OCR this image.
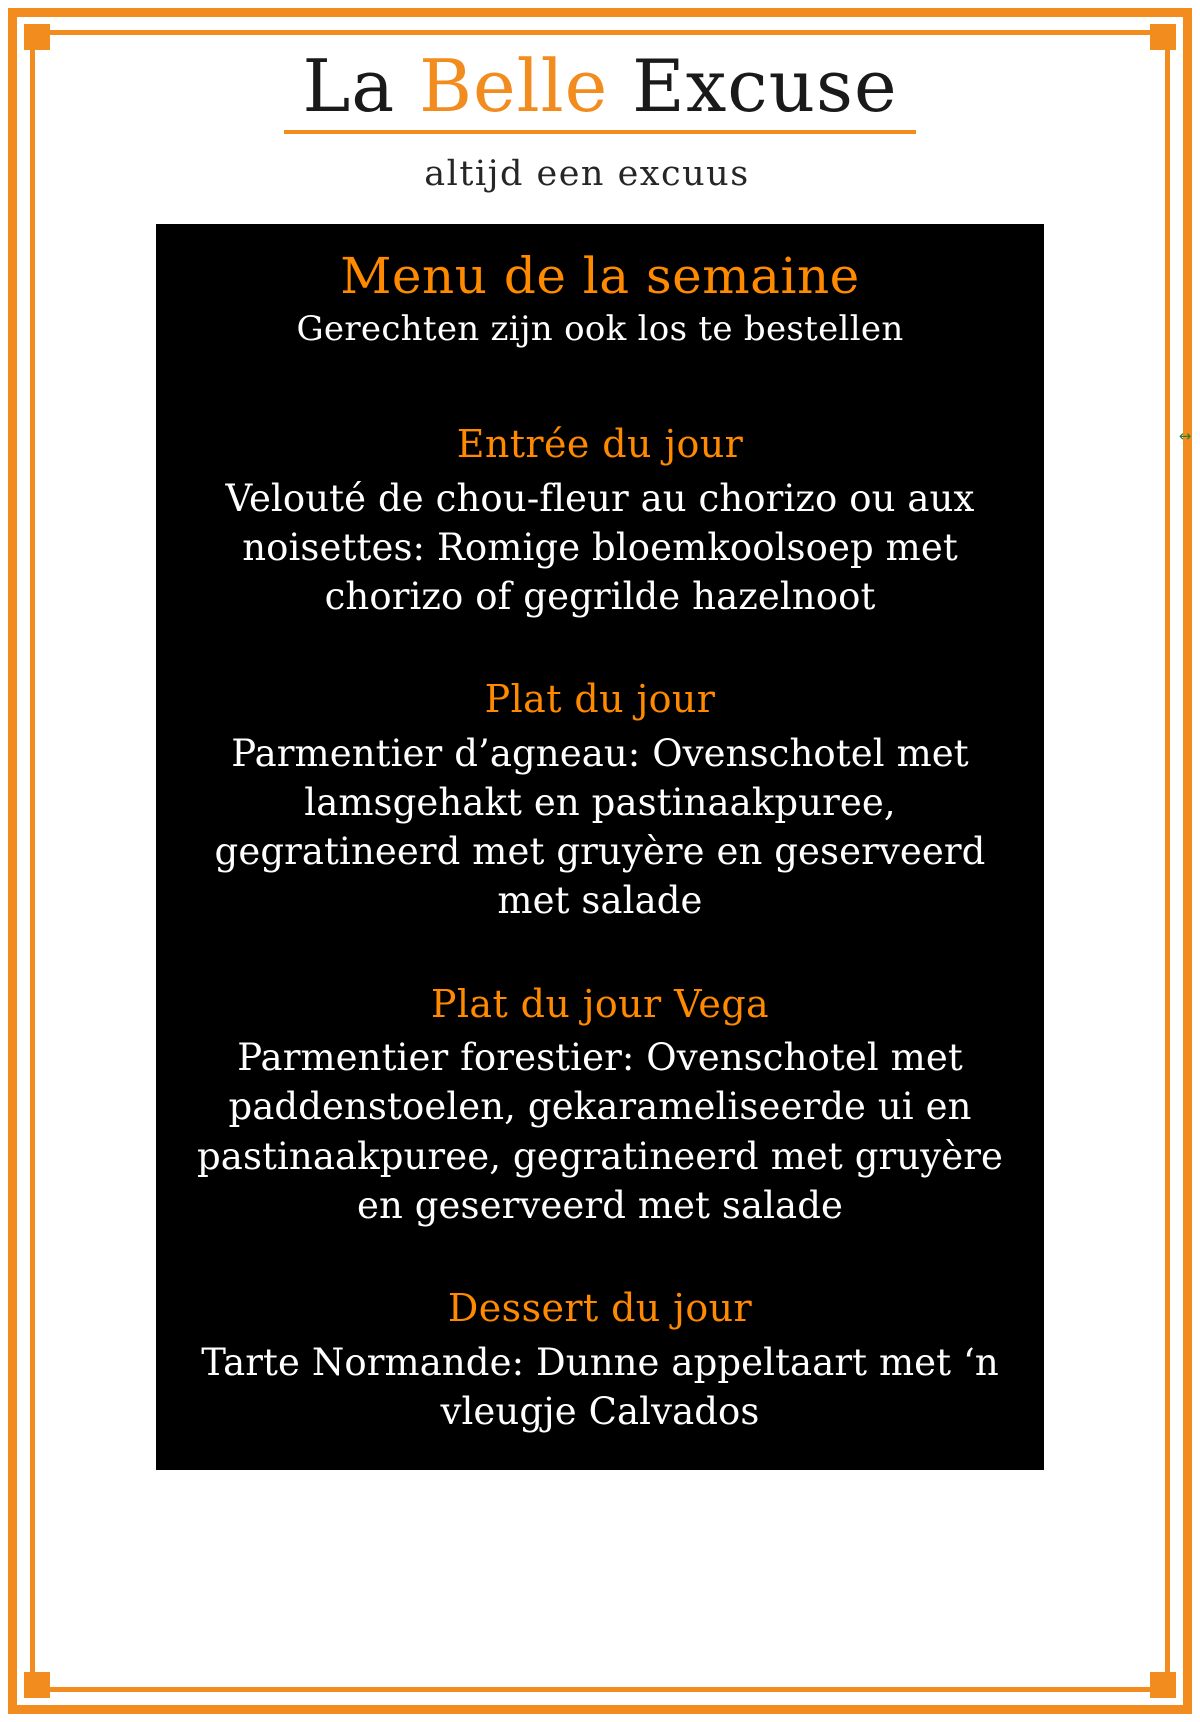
La Belle Excuse
altijd een excuus
Menu de la semaine
Gerechten zijn ook los te bestellen
Entrée du jour

Velouté de chou-fleur au chorizo ou aux noisettes: Romige bloemkoolsoep met chorizo of gegrilde hazelnoot

Plat du jour

Parmentier d’agneau: Ovenschotel met lamsgehakt en pastinaakpuree, gegratineerd met gruyère en geserveerd met salade

Plat du jour Vega

Parmentier forestier: Ovenschotel met paddenstoelen, gekarameliseerde ui en pastinaakpuree, gegratineerd met gruyère en geserveerd met salade

Dessert du jour

Tarte Normande: Dunne appeltaart met ‘n vleugje Calvados

↔
